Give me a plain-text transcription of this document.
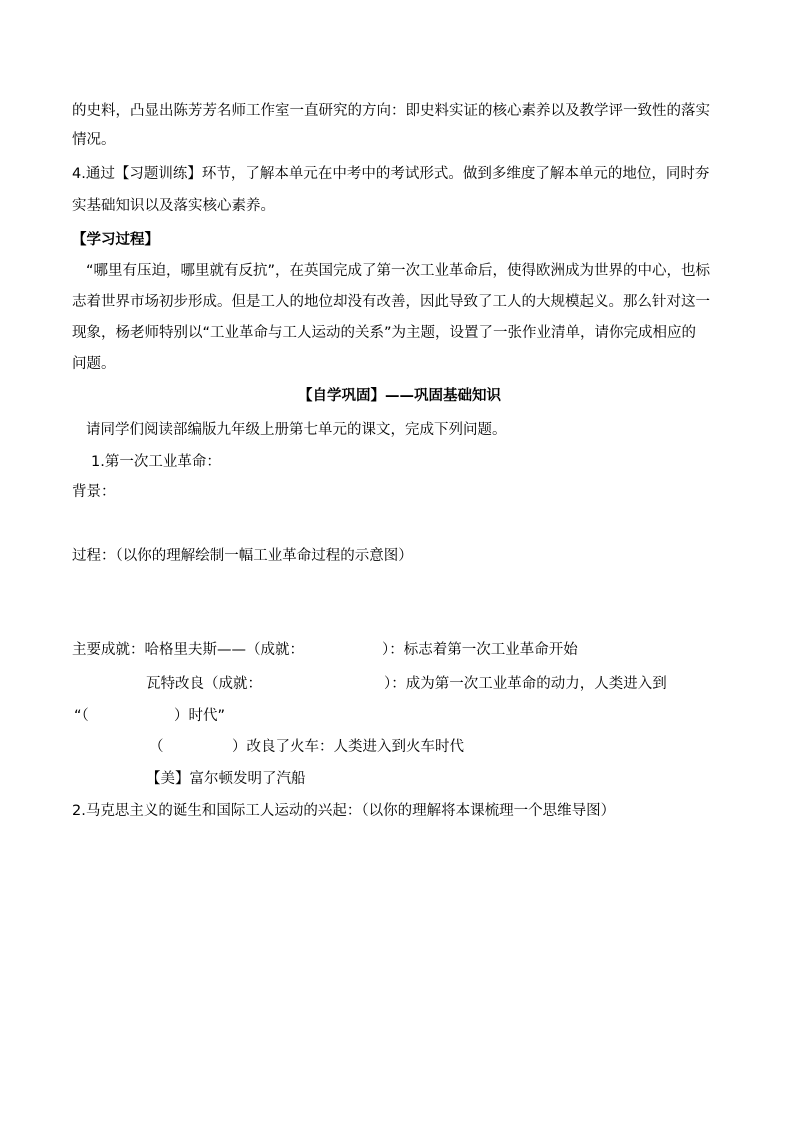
的史料，凸显出陈芳芳名师工作室一直研究的方向：即史料实证的核心素养以及教学评一致性的落实
情况。
4.通过【习题训练】环节，了解本单元在中考中的考试形式。做到多维度了解本单元的地位，同时夯
实基础知识以及落实核心素养。
【学习过程】
“哪里有压迫，哪里就有反抗”，在英国完成了第一次工业革命后，使得欧洲成为世界的中心，也标
志着世界市场初步形成。但是工人的地位却没有改善，因此导致了工人的大规模起义。那么针对这一
现象，杨老师特别以“工业革命与工人运动的关系”为主题，设置了一张作业清单，请你完成相应的
问题。
【自学巩固】——巩固基础知识
请同学们阅读部编版九年级上册第七单元的课文，完成下列问题。
1.第一次工业革命：
背景：
过程：（以你的理解绘制一幅工业革命过程的示意图）
主要成就：哈格里夫斯——（成就：	）：标志着第一次工业革命开始
瓦特改良（成就：	）：成为第一次工业革命的动力，人类进入到
“（	）时代”
（	）改良了火车：人类进入到火车时代
【美】富尔顿发明了汽船
2.马克思主义的诞生和国际工人运动的兴起：（以你的理解将本课梳理一个思维导图）
